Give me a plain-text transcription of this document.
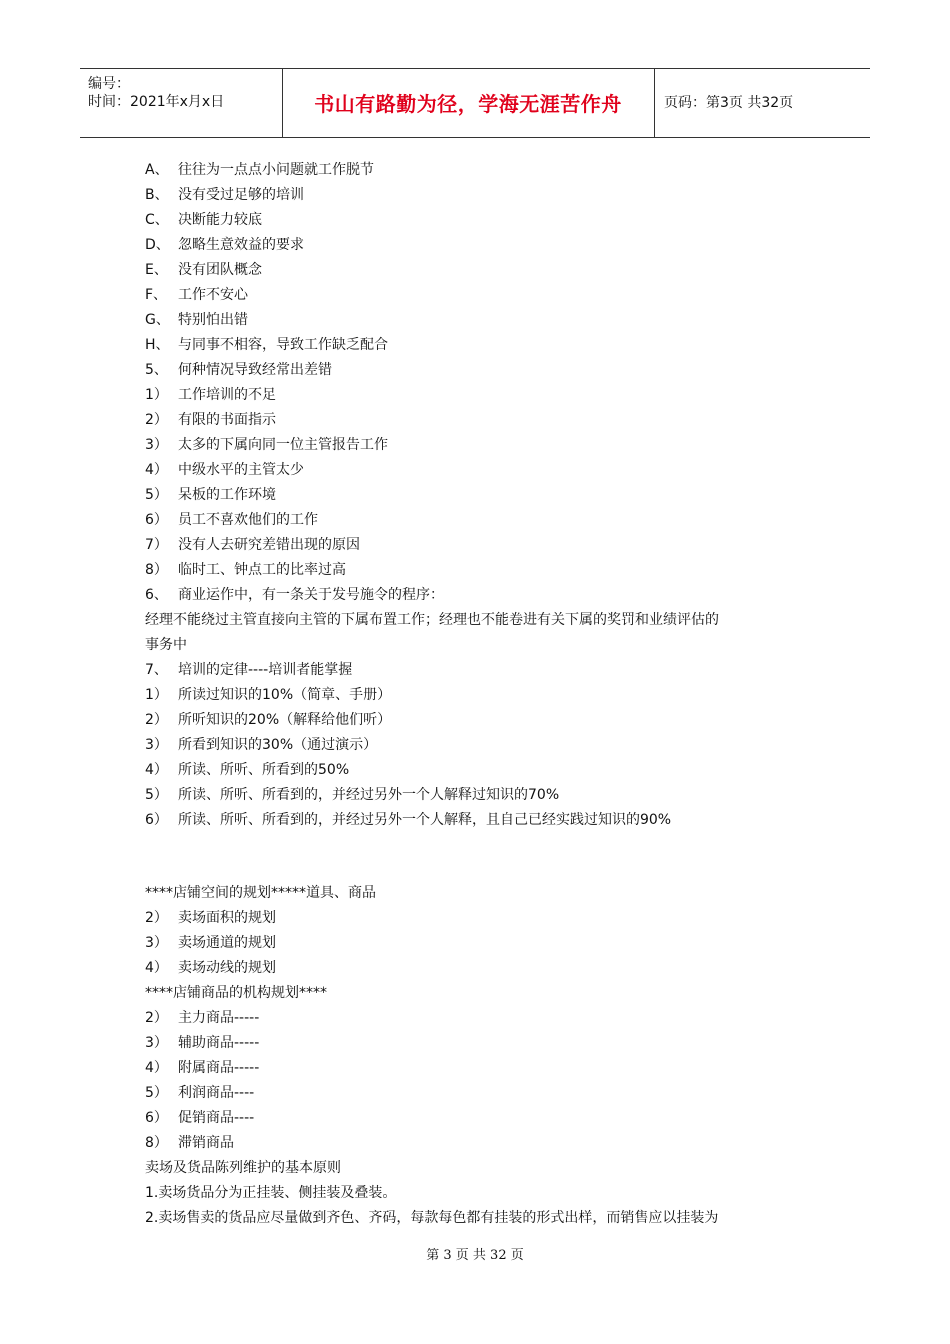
编号：
时间：2021年x月x日	书山有路勤为径，学海无涯苦作舟	页码：第3页 共32页
A、 往往为一点点小问题就工作脱节
B、 没有受过足够的培训
C、 决断能力较底
D、 忽略生意效益的要求
E、 没有团队概念
F、 工作不安心
G、 特别怕出错
H、 与同事不相容，导致工作缺乏配合
5、 何种情况导致经常出差错
1） 工作培训的不足
2） 有限的书面指示
3） 太多的下属向同一位主管报告工作
4） 中级水平的主管太少
5） 呆板的工作环境
6） 员工不喜欢他们的工作
7） 没有人去研究差错出现的原因
8） 临时工、钟点工的比率过高
6、 商业运作中，有一条关于发号施令的程序：
经理不能绕过主管直接向主管的下属布置工作；经理也不能卷进有关下属的奖罚和业绩评估的
事务中
7、 培训的定律----培训者能掌握
1） 所读过知识的10%（简章、手册）
2） 所听知识的20%（解释给他们听）
3） 所看到知识的30%（通过演示）
4） 所读、所听、所看到的50%
5） 所读、所听、所看到的，并经过另外一个人解释过知识的70%
6） 所读、所听、所看到的，并经过另外一个人解释，且自己已经实践过知识的90%
****店铺空间的规划*****道具、商品
2） 卖场面积的规划
3） 卖场通道的规划
4） 卖场动线的规划
****店铺商品的机构规划****
2） 主力商品-----
3） 辅助商品-----
4） 附属商品-----
5） 利润商品----
6） 促销商品----
8） 滞销商品
卖场及货品陈列维护的基本原则
1.卖场货品分为正挂装、侧挂装及叠装。
2.卖场售卖的货品应尽量做到齐色、齐码，每款每色都有挂装的形式出样，而销售应以挂装为
第 3 页 共 32 页
